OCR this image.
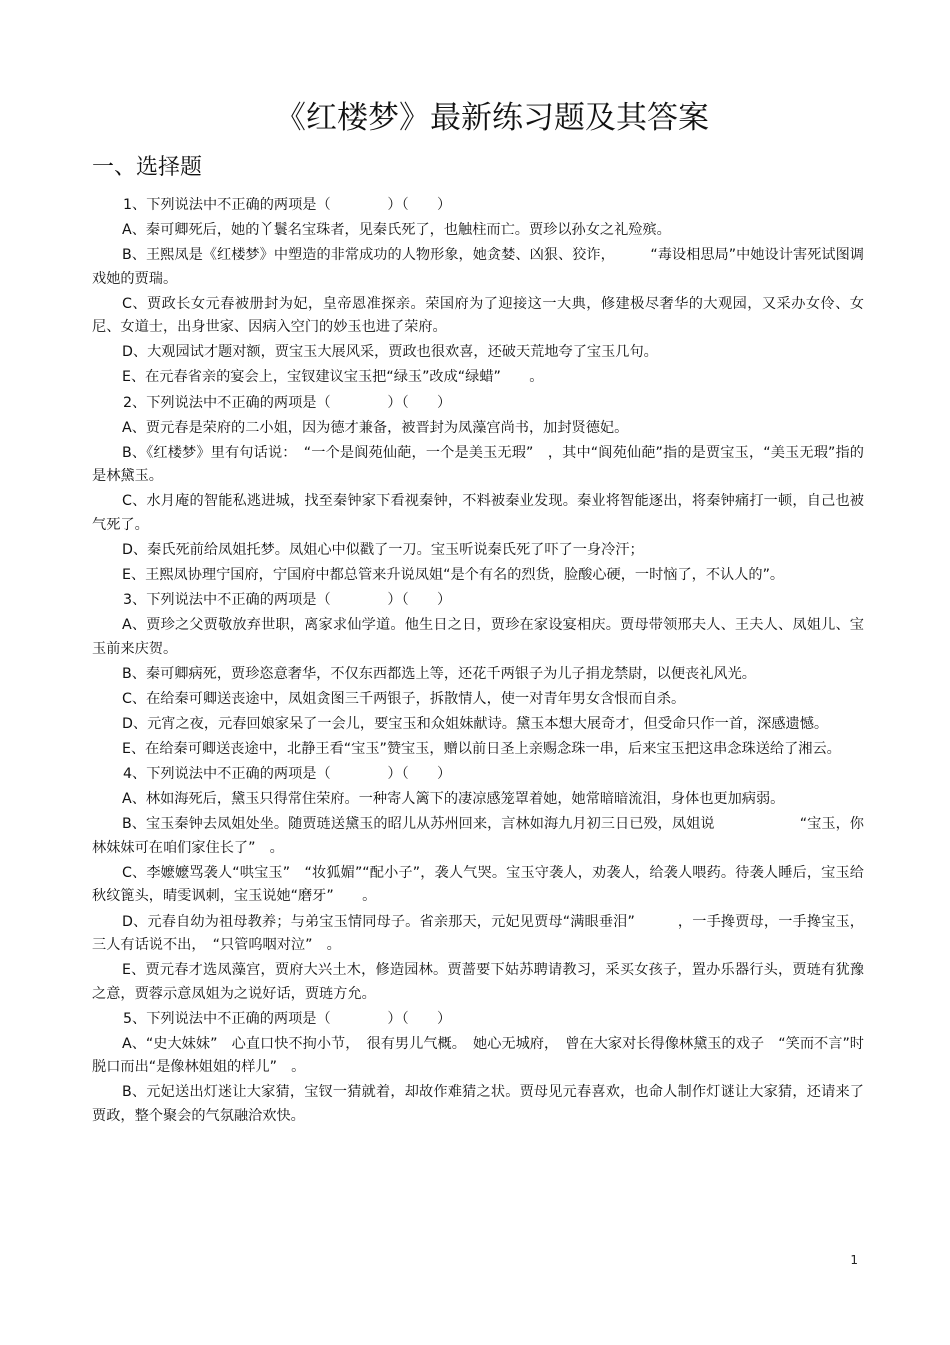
《红楼梦》最新练习题及其答案
一、选择题

1、下列说法中不正确的两项是（　　　　）（　　）

A、秦可卿死后，她的丫鬟名宝珠者，见秦氏死了，也触柱而亡。贾珍以孙女之礼殓殡。

B、王熙凤是《红楼梦》中塑造的非常成功的人物形象，她贪婪、凶狠、狡诈，　　　“毒设相思局”中她设计害死试图调戏她的贾瑞。

C、贾政长女元春被册封为妃，皇帝恩准探亲。荣国府为了迎接这一大典，修建极尽奢华的大观园，又采办女伶、女尼、女道士，出身世家、因病入空门的妙玉也进了荣府。

D、大观园试才题对额，贾宝玉大展风采，贾政也很欢喜，还破天荒地夸了宝玉几句。

E、在元春省亲的宴会上，宝钗建议宝玉把“绿玉”改成“绿蜡”　　。

2、下列说法中不正确的两项是（　　　　）（　　）

A、贾元春是荣府的二小姐，因为德才兼备，被晋封为凤藻宫尚书，加封贤德妃。

B、《红楼梦》里有句话说：　“一个是阆苑仙葩，一个是美玉无瑕”　，其中“阆苑仙葩”指的是贾宝玉，“美玉无瑕”指的是林黛玉。

C、水月庵的智能私逃进城，找至秦钟家下看视秦钟，不料被秦业发现。秦业将智能逐出，将秦钟痛打一顿，自己也被气死了。

D、秦氏死前给凤姐托梦。凤姐心中似戳了一刀。宝玉听说秦氏死了吓了一身冷汗；

E、王熙凤协理宁国府，宁国府中都总管来升说凤姐“是个有名的烈货，脸酸心硬，一时恼了，不认人的”。

3、下列说法中不正确的两项是（　　　　）（　　）

A、贾珍之父贾敬放弃世职，离家求仙学道。他生日之日，贾珍在家设宴相庆。贾母带领邢夫人、王夫人、凤姐儿、宝玉前来庆贺。

B、秦可卿病死，贾珍恣意奢华，不仅东西都选上等，还花千两银子为儿子捐龙禁尉，以便丧礼风光。

C、在给秦可卿送丧途中，凤姐贪图三千两银子，拆散情人，使一对青年男女含恨而自杀。

D、元宵之夜，元春回娘家呆了一会儿，要宝玉和众姐妹献诗。黛玉本想大展奇才，但受命只作一首，深感遗憾。

E、在给秦可卿送丧途中，北静王看“宝玉”赞宝玉，赠以前日圣上亲赐念珠一串，后来宝玉把这串念珠送给了湘云。

4、下列说法中不正确的两项是（　　　　）（　　）

A、林如海死后，黛玉只得常住荣府。一种寄人篱下的凄凉感笼罩着她，她常暗暗流泪，身体也更加病弱。

B、宝玉秦钟去凤姐处坐。随贾琏送黛玉的昭儿从苏州回来，言林如海九月初三日已殁，凤姐说　　　　　　“宝玉，你林妹妹可在咱们家住长了”　。

C、李嬷嬷骂袭人“哄宝玉”　“妆狐媚”“配小子”，袭人气哭。宝玉守袭人，劝袭人，给袭人喂药。待袭人睡后，宝玉给秋纹篦头，晴雯讽刺，宝玉说她“磨牙”　　。

D、元春自幼为祖母教养；与弟宝玉情同母子。省亲那天，元妃见贾母“满眼垂泪”　　　，一手搀贾母，一手搀宝玉，三人有话说不出，　“只管呜咽对泣”　。

E、贾元春才选凤藻宫，贾府大兴土木，修造园林。贾蔷要下姑苏聘请教习，采买女孩子，置办乐器行头，贾琏有犹豫之意，贾蓉示意凤姐为之说好话，贾琏方允。

5、下列说法中不正确的两项是（　　　　）（　　）

A、“史大妹妹”　心直口快不拘小节，　很有男儿气概。　她心无城府，　曾在大家对长得像林黛玉的戏子　“笑而不言”时脱口而出“是像林姐姐的样儿”　。

B、元妃送出灯迷让大家猜，宝钗一猜就着，却故作难猜之状。贾母见元春喜欢，也命人制作灯谜让大家猜，还请来了贾政，整个聚会的气氛融洽欢快。

1
